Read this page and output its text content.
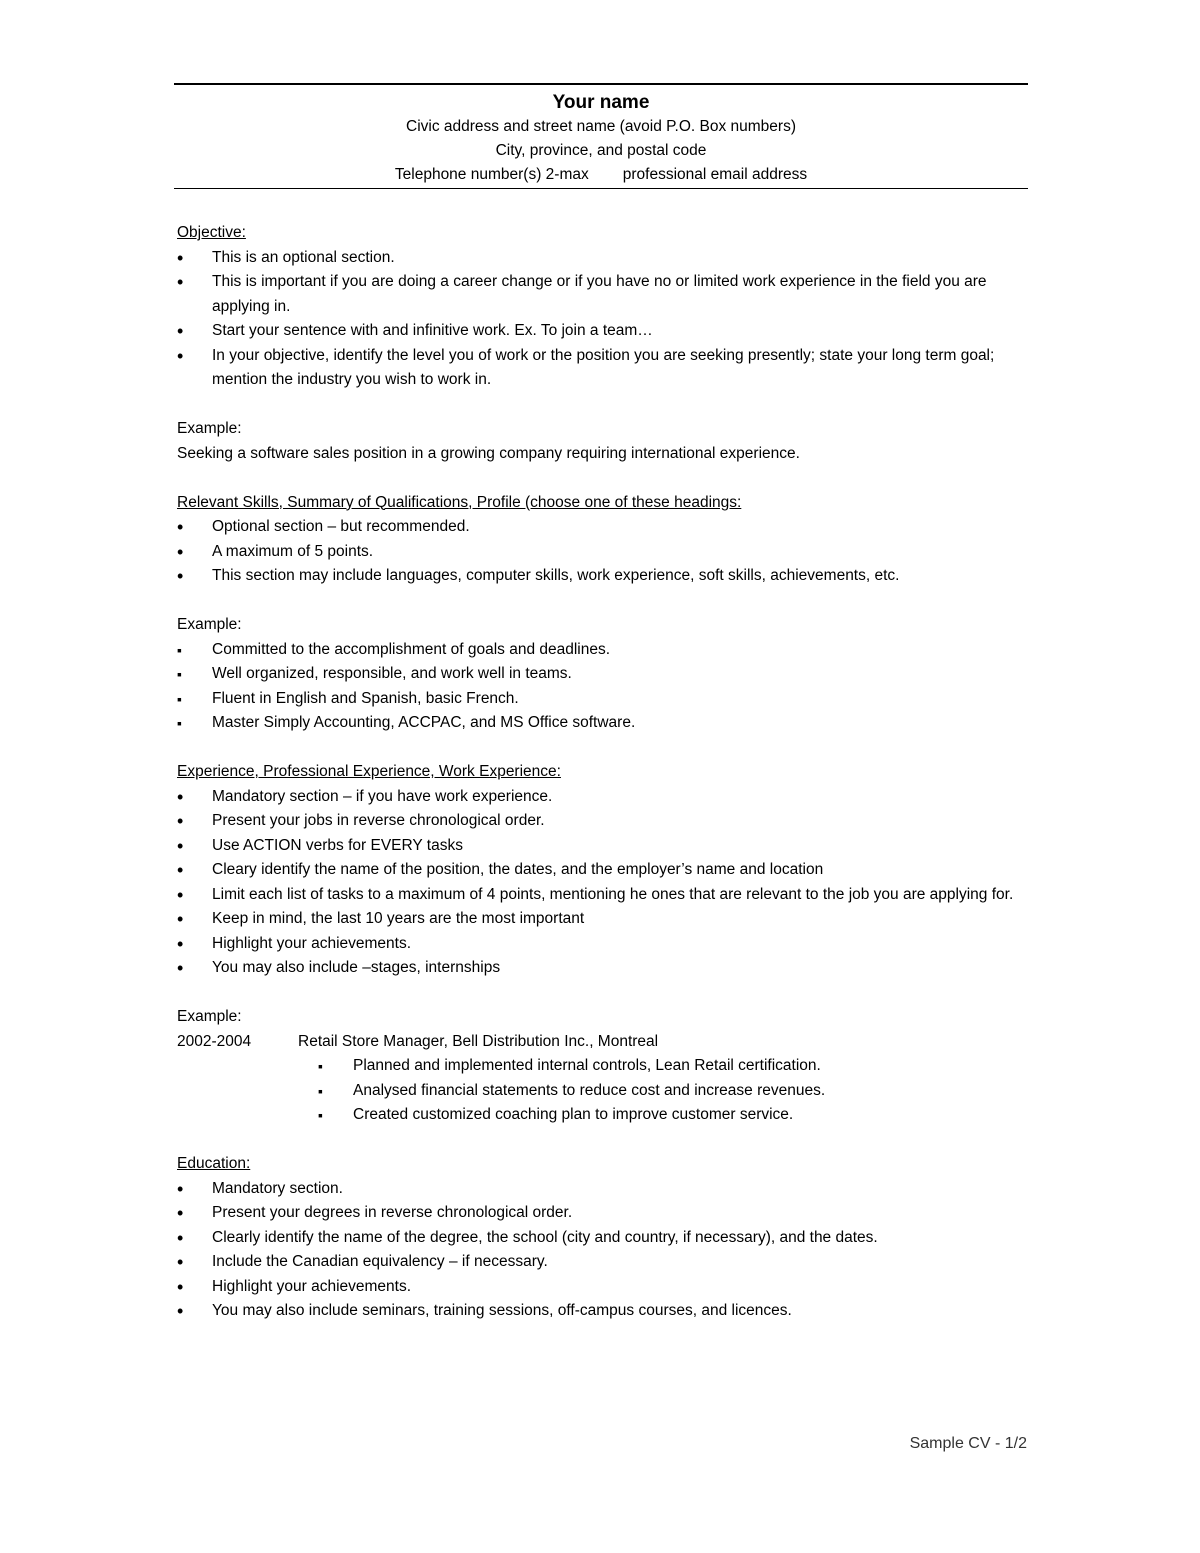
Your name
Civic address and street name (avoid P.O. Box numbers)
City, province, and postal code
Telephone number(s) 2-max professional email address
Objective:
• This is an optional section.
• This is important if you are doing a career change or if you have no or limited work experience in the field you are applying in.
• Start your sentence with and infinitive work. Ex. To join a team…
• In your objective, identify the level you of work or the position you are seeking presently; state your long term goal; mention the industry you wish to work in.
Example:
Seeking a software sales position in a growing company requiring international experience.
Relevant Skills, Summary of Qualifications, Profile (choose one of these headings:
• Optional section – but recommended.
• A maximum of 5 points.
• This section may include languages, computer skills, work experience, soft skills, achievements, etc.
Example:
▪ Committed to the accomplishment of goals and deadlines.
▪ Well organized, responsible, and work well in teams.
▪ Fluent in English and Spanish, basic French.
▪ Master Simply Accounting, ACCPAC, and MS Office software.
Experience, Professional Experience, Work Experience:
• Mandatory section – if you have work experience.
• Present your jobs in reverse chronological order.
• Use ACTION verbs for EVERY tasks
• Cleary identify the name of the position, the dates, and the employer’s name and location
• Limit each list of tasks to a maximum of 4 points, mentioning he ones that are relevant to the job you are applying for.
• Keep in mind, the last 10 years are the most important
• Highlight your achievements.
• You may also include –stages, internships
Example:
2002-2004	Retail Store Manager, Bell Distribution Inc., Montreal
▪ Planned and implemented internal controls, Lean Retail certification.
▪ Analysed financial statements to reduce cost and increase revenues.
▪ Created customized coaching plan to improve customer service.
Education:
• Mandatory section.
• Present your degrees in reverse chronological order.
• Clearly identify the name of the degree, the school (city and country, if necessary), and the dates.
• Include the Canadian equivalency – if necessary.
• Highlight your achievements.
• You may also include seminars, training sessions, off-campus courses, and licences.
Sample CV - 1/2
